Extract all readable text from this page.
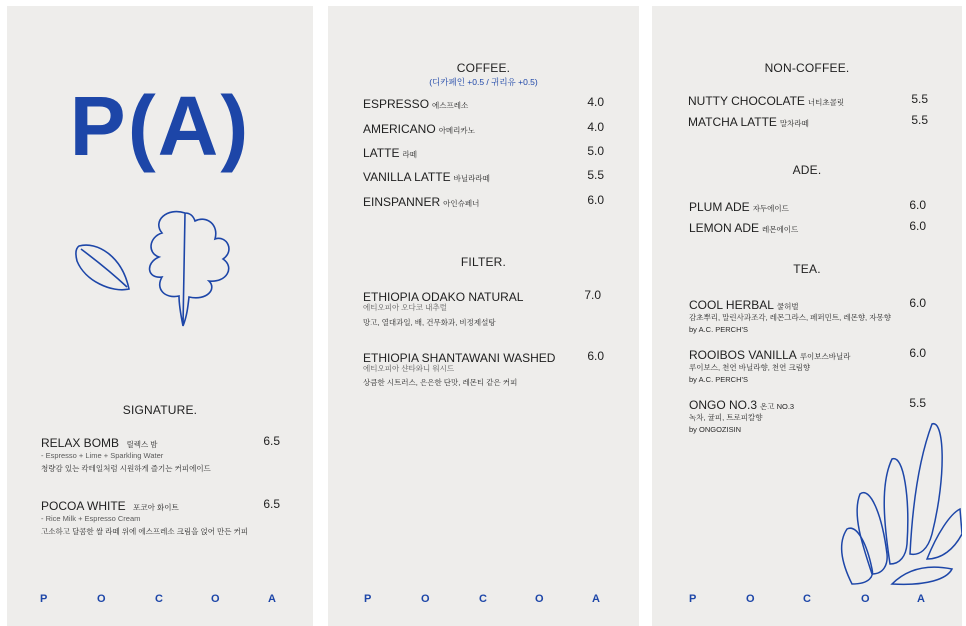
P(A)
SIGNATURE.
RELAX BOMB 릴렉스 밤	6.5
- Espresso + Lime + Sparkling Water
청량감 있는 칵테일처럼 시원하게 즐기는 커피에이드
POCOA WHITE 포코아 화이트	6.5
- Rice Milk + Espresso Cream
고소하고 달콤한 쌀 라떼 위에 에스프레소 크림을 얹어 만든 커피
P	O	C	O	A
COFFEE.
(디카페인 +0.5 / 귀리유 +0.5)
ESPRESSO 에스프레소	4.0
AMERICANO 아메리카노	4.0
LATTE 라떼	5.0
VANILLA LATTE 바닐라라떼	5.5
EINSPANNER 아인슈페너	6.0
FILTER.
ETHIOPIA ODAKO NATURAL	7.0
에티오피아 오다코 내추럴
망고, 열대과일, 배, 건무화과, 비정제설탕
ETHIOPIA SHANTAWANI WASHED	6.0
에티오피아 샨타와니 워시드
상큼한 시트러스, 은은한 단맛, 레몬티 같은 커피
P	O	C	O	A
NON-COFFEE.
NUTTY CHOCOLATE 너티초콜릿	5.5
MATCHA LATTE 말차라떼	5.5
ADE.
PLUM ADE 자두에이드	6.0
LEMON ADE 레몬에이드	6.0
TEA.
COOL HERBAL 쿨허벌	6.0
감초뿌리, 말린사과조각, 레몬그라스, 페퍼민트, 레몬향, 자몽향
by A.C. PERCH'S
ROOIBOS VANILLA 루이보스바닐라	6.0
루이보스, 천연 바닐라향, 천연 크림향
by A.C. PERCH'S
ONGO NO.3 온고 NO.3	5.5
녹차, 귤피, 트로피칼향
by ONGOZISIN
P	O	C	O	A
